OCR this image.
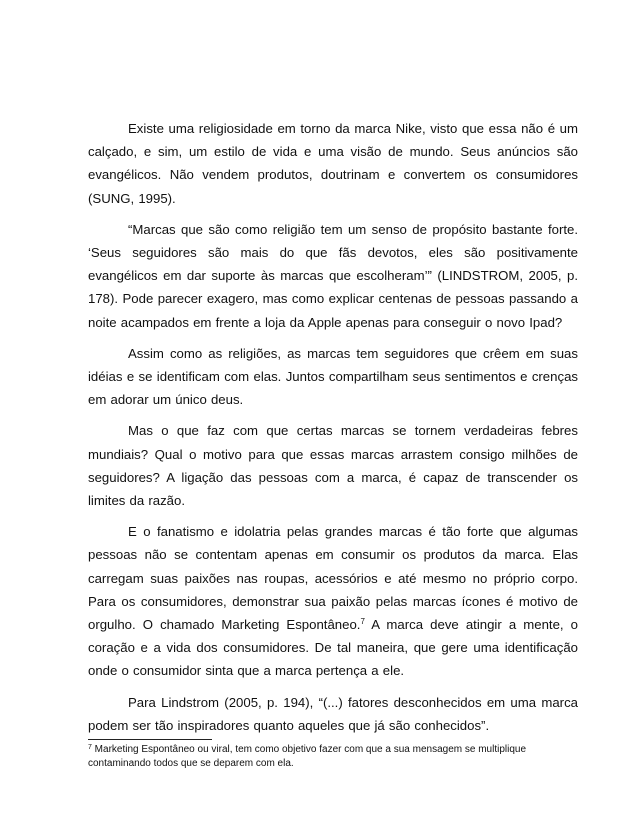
Existe uma religiosidade em torno da marca Nike, visto que essa não é um calçado, e sim, um estilo de vida e uma visão de mundo. Seus anúncios são evangélicos. Não vendem produtos, doutrinam e convertem os consumidores (SUNG, 1995).

“Marcas que são como religião tem um senso de propósito bastante forte. ‘Seus seguidores são mais do que fãs devotos, eles são positivamente evangélicos em dar suporte às marcas que escolheram’” (LINDSTROM, 2005, p. 178). Pode parecer exagero, mas como explicar centenas de pessoas passando a noite acampados em frente a loja da Apple apenas para conseguir o novo Ipad?

Assim como as religiões, as marcas tem seguidores que crêem em suas idéias e se identificam com elas. Juntos compartilham seus sentimentos e crenças em adorar um único deus.

Mas o que faz com que certas marcas se tornem verdadeiras febres mundiais? Qual o motivo para que essas marcas arrastem consigo milhões de seguidores? A ligação das pessoas com a marca, é capaz de transcender os limites da razão.

E o fanatismo e idolatria pelas grandes marcas é tão forte que algumas pessoas não se contentam apenas em consumir os produtos da marca. Elas carregam suas paixões nas roupas, acessórios e até mesmo no próprio corpo. Para os consumidores, demonstrar sua paixão pelas marcas ícones é motivo de orgulho. O chamado Marketing Espontâneo.$^7$ A marca deve atingir a mente, o coração e a vida dos consumidores. De tal maneira, que gere uma identificação onde o consumidor sinta que a marca pertença a ele.

Para Lindstrom (2005, p. 194), “(...) fatores desconhecidos em uma marca podem ser tão inspiradores quanto aqueles que já são conhecidos”.

$^7$ Marketing Espontâneo ou viral, tem como objetivo fazer com que a sua mensagem se multiplique contaminando todos que se deparem com ela.
